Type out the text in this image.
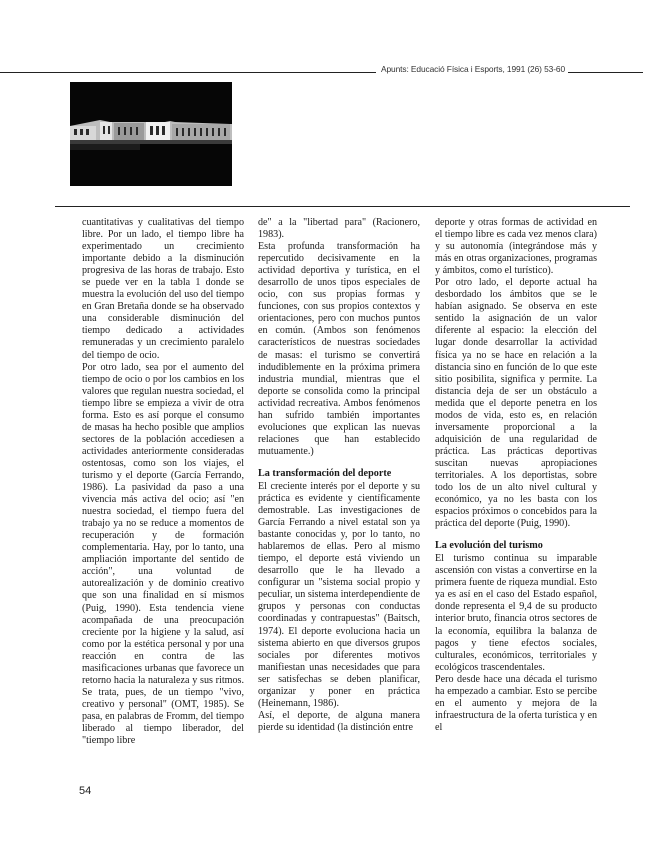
Apunts: Educació Física i Esports, 1991 (26) 53-60

cuantitativas y cualitativas del tiempo libre. Por un lado, el tiempo libre ha experimentado un crecimiento importante debido a la disminución progresiva de las horas de trabajo. Esto se puede ver en la tabla 1 donde se muestra la evolución del uso del tiempo en Gran Bretaña donde se ha observado una considerable disminución del tiempo dedicado a actividades remuneradas y un crecimiento paralelo del tiempo de ocio.

Por otro lado, sea por el aumento del tiempo de ocio o por los cambios en los valores que regulan nuestra sociedad, el tiempo libre se empieza a vivir de otra forma. Esto es así porque el consumo de masas ha hecho posible que amplios sectores de la población accediesen a actividades anteriormente consideradas ostentosas, como son los viajes, el turismo y el deporte (García Ferrando, 1986). La pasividad da paso a una vivencia más activa del ocio; así "en nuestra sociedad, el tiempo fuera del trabajo ya no se reduce a momentos de recuperación y de formación complementaria. Hay, por lo tanto, una ampliación importante del sentido de acción", una voluntad de autorealización y de dominio creativo que son una finalidad en sí mismos (Puig, 1990). Esta tendencia viene acompañada de una preocupación creciente por la higiene y la salud, así como por la estética personal y por una reacción en contra de las masificaciones urbanas que favorece un retorno hacia la naturaleza y sus ritmos. Se trata, pues, de un tiempo "vivo, creativo y personal" (OMT, 1985). Se pasa, en palabras de Fromm, del tiempo liberado al tiempo liberador, del "tiempo libre

de" a la "libertad para" (Racionero, 1983).

Esta profunda transformación ha repercutido decisivamente en la actividad deportiva y turística, en el desarrollo de unos tipos especiales de ocio, con sus propias formas y funciones, con sus propios contextos y orientaciones, pero con muchos puntos en común. (Ambos son fenómenos característicos de nuestras sociedades de masas: el turismo se convertirá indudiblemente en la próxima primera industria mundial, mientras que el deporte se consolida como la principal actividad recreativa. Ambos fenómenos han sufrido también importantes evoluciones que explican las nuevas relaciones que han establecido mutuamente.)

La transformación del deporte

El creciente interés por el deporte y su práctica es evidente y científicamente demostrable. Las investigaciones de García Ferrando a nivel estatal son ya bastante conocidas y, por lo tanto, no hablaremos de ellas. Pero al mismo tiempo, el deporte está viviendo un desarrollo que le ha llevado a configurar un "sistema social propio y peculiar, un sistema interdependiente de grupos y personas con conductas coordinadas y contrapuestas" (Baitsch, 1974). El deporte evoluciona hacia un sistema abierto en que diversos grupos sociales por diferentes motivos manifiestan unas necesidades que para ser satisfechas se deben planificar, organizar y poner en práctica (Heinemann, 1986).

Así, el deporte, de alguna manera pierde su identidad (la distinción entre

deporte y otras formas de actividad en el tiempo libre es cada vez menos clara) y su autonomía (integrándose más y más en otras organizaciones, programas y ámbitos, como el turístico).

Por otro lado, el deporte actual ha desbordado los ámbitos que se le habían asignado. Se observa en este sentido la asignación de un valor diferente al espacio: la elección del lugar donde desarrollar la actividad física ya no se hace en relación a la distancia sino en función de lo que este sitio posibilita, significa y permite. La distancia deja de ser un obstáculo a medida que el deporte penetra en los modos de vida, esto es, en relación inversamente proporcional a la adquisición de una regularidad de práctica. Las prácticas deportivas suscitan nuevas apropiaciones territoriales. A los deportistas, sobre todo los de un alto nivel cultural y económico, ya no les basta con los espacios próximos o concebidos para la práctica del deporte (Puig, 1990).

La evolución del turismo

El turismo continua su imparable ascensión con vistas a convertirse en la primera fuente de riqueza mundial. Esto ya es así en el caso del Estado español, donde representa el 9,4 de su producto interior bruto, financia otros sectores de la economía, equilibra la balanza de pagos y tiene efectos sociales, culturales, económicos, territoriales y ecológicos trascendentales.

Pero desde hace una década el turismo ha empezado a cambiar. Esto se percibe en el aumento y mejora de la infraestructura de la oferta turística y en el

54
